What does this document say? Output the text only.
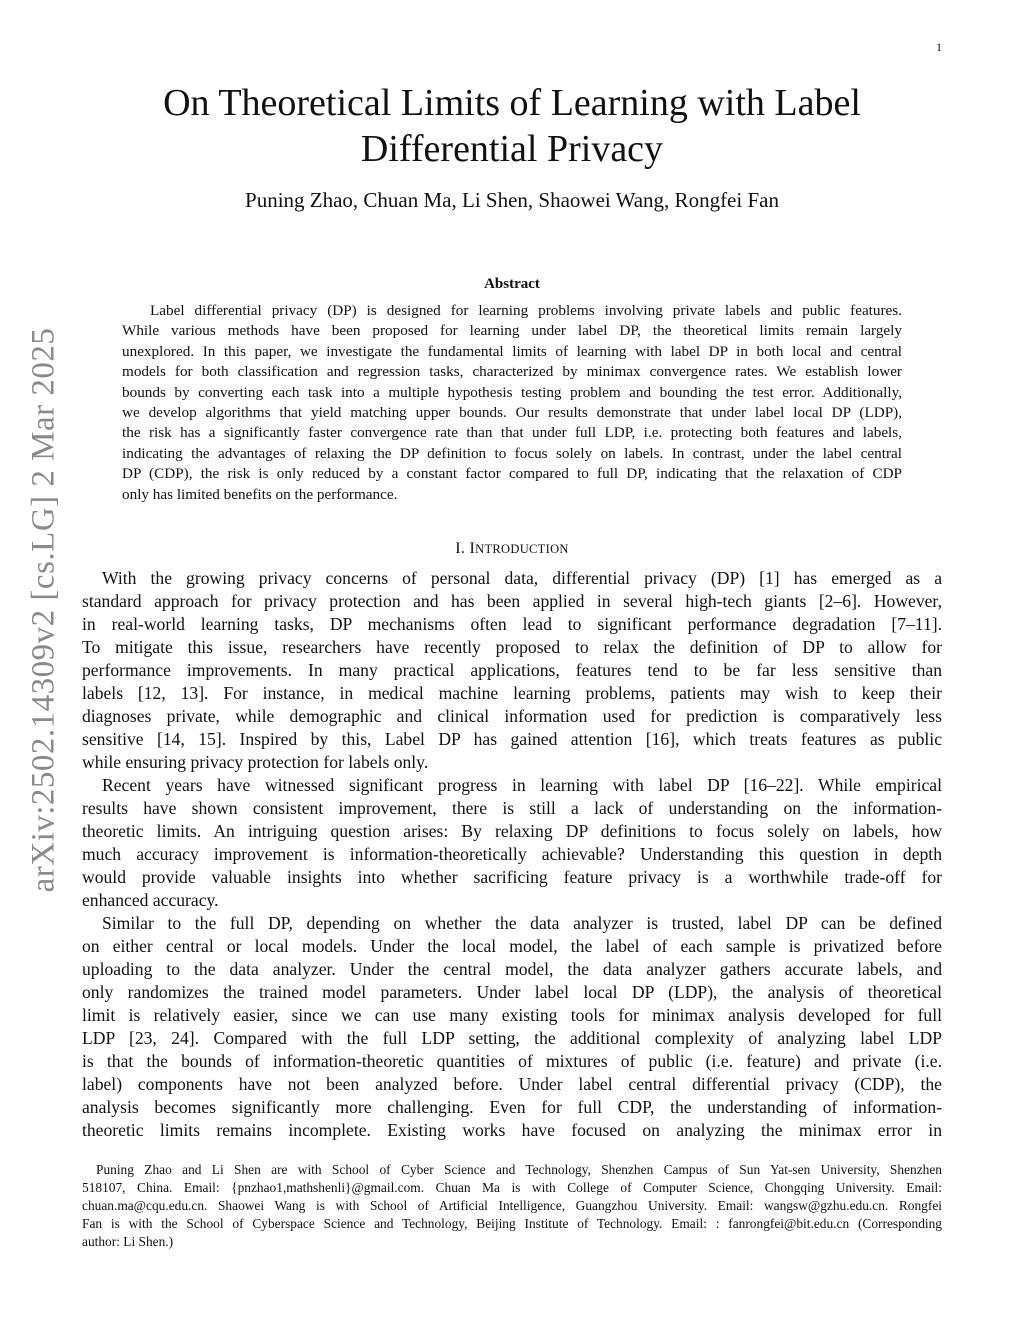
1
arXiv:2502.14309v2 [cs.LG] 2 Mar 2025
On Theoretical Limits of Learning with Label
Differential Privacy
Puning Zhao, Chuan Ma, Li Shen, Shaowei Wang, Rongfei Fan
Abstract
Label differential privacy (DP) is designed for learning problems involving private labels and public features.
While various methods have been proposed for learning under label DP, the theoretical limits remain largely
unexplored. In this paper, we investigate the fundamental limits of learning with label DP in both local and central
models for both classification and regression tasks, characterized by minimax convergence rates. We establish lower
bounds by converting each task into a multiple hypothesis testing problem and bounding the test error. Additionally,
we develop algorithms that yield matching upper bounds. Our results demonstrate that under label local DP (LDP),
the risk has a significantly faster convergence rate than that under full LDP, i.e. protecting both features and labels,
indicating the advantages of relaxing the DP definition to focus solely on labels. In contrast, under the label central
DP (CDP), the risk is only reduced by a constant factor compared to full DP, indicating that the relaxation of CDP
only has limited benefits on the performance.
I. INTRODUCTION
With the growing privacy concerns of personal data, differential privacy (DP) [1] has emerged as a
standard approach for privacy protection and has been applied in several high-tech giants [2–6]. However,
in real-world learning tasks, DP mechanisms often lead to significant performance degradation [7–11].
To mitigate this issue, researchers have recently proposed to relax the definition of DP to allow for
performance improvements. In many practical applications, features tend to be far less sensitive than
labels [12, 13]. For instance, in medical machine learning problems, patients may wish to keep their
diagnoses private, while demographic and clinical information used for prediction is comparatively less
sensitive [14, 15]. Inspired by this, Label DP has gained attention [16], which treats features as public
while ensuring privacy protection for labels only.
Recent years have witnessed significant progress in learning with label DP [16–22]. While empirical
results have shown consistent improvement, there is still a lack of understanding on the information-
theoretic limits. An intriguing question arises: By relaxing DP definitions to focus solely on labels, how
much accuracy improvement is information-theoretically achievable? Understanding this question in depth
would provide valuable insights into whether sacrificing feature privacy is a worthwhile trade-off for
enhanced accuracy.
Similar to the full DP, depending on whether the data analyzer is trusted, label DP can be defined
on either central or local models. Under the local model, the label of each sample is privatized before
uploading to the data analyzer. Under the central model, the data analyzer gathers accurate labels, and
only randomizes the trained model parameters. Under label local DP (LDP), the analysis of theoretical
limit is relatively easier, since we can use many existing tools for minimax analysis developed for full
LDP [23, 24]. Compared with the full LDP setting, the additional complexity of analyzing label LDP
is that the bounds of information-theoretic quantities of mixtures of public (i.e. feature) and private (i.e.
label) components have not been analyzed before. Under label central differential privacy (CDP), the
analysis becomes significantly more challenging. Even for full CDP, the understanding of information-
theoretic limits remains incomplete. Existing works have focused on analyzing the minimax error in
Puning Zhao and Li Shen are with School of Cyber Science and Technology, Shenzhen Campus of Sun Yat-sen University, Shenzhen
518107, China. Email: {pnzhao1,mathshenli}@gmail.com. Chuan Ma is with College of Computer Science, Chongqing University. Email:
chuan.ma@cqu.edu.cn. Shaowei Wang is with School of Artificial Intelligence, Guangzhou University. Email: wangsw@gzhu.edu.cn. Rongfei
Fan is with the School of Cyberspace Science and Technology, Beijing Institute of Technology. Email: : fanrongfei@bit.edu.cn (Corresponding
author: Li Shen.)
